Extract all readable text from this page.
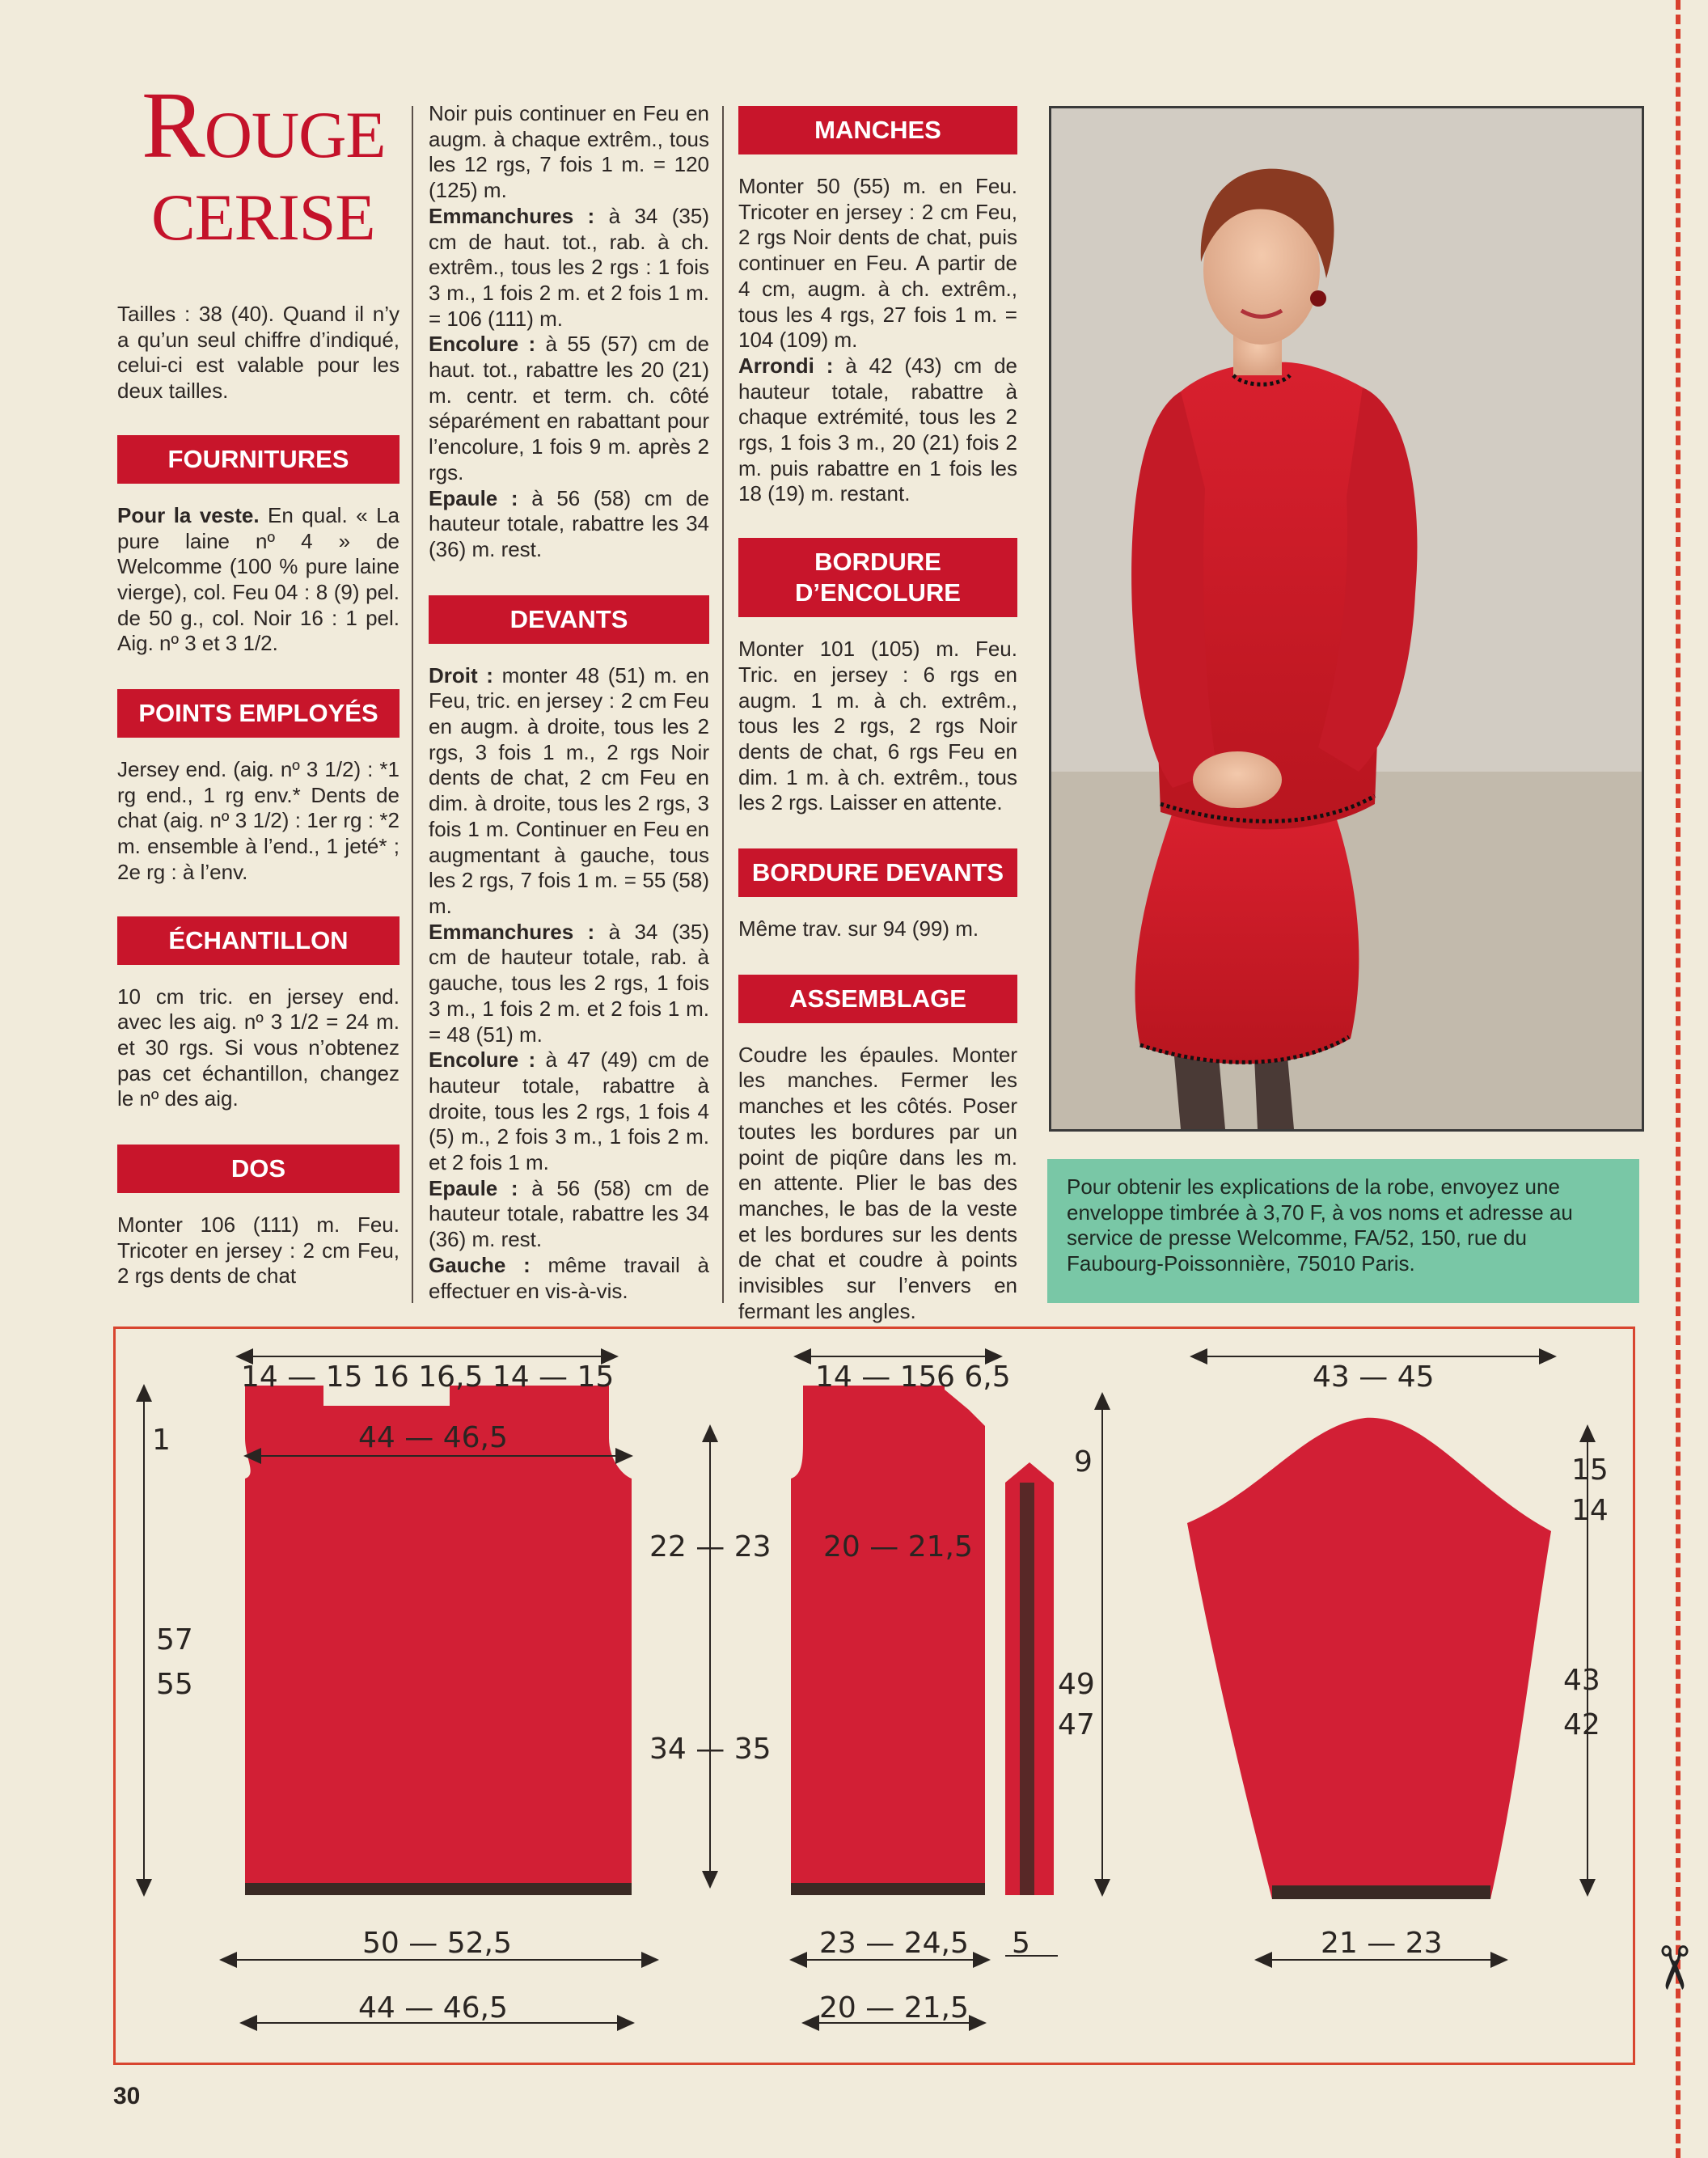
✂
ROUGE
CERISE

Tailles : 38 (40). Quand il n’y a qu’un seul chiffre d’indiqué, celui-ci est valable pour les deux tailles.

FOURNITURES

Pour la veste. En qual. « La pure laine nº 4 » de Welcomme (100 % pure laine vierge), col. Feu 04 : 8 (9) pel. de 50 g., col. Noir 16 : 1 pel. Aig. nº 3 et 3 1/2.

POINTS EMPLOYÉS

Jersey end. (aig. nº 3 1/2) : *1 rg end., 1 rg env.* Dents de chat (aig. nº 3 1/2) : 1er rg : *2 m. ensemble à l’end., 1 jeté* ; 2e rg : à l’env.

ÉCHANTILLON

10 cm tric. en jersey end. avec les aig. nº 3 1/2 = 24 m. et 30 rgs. Si vous n’obtenez pas cet échantillon, changez le nº des aig.

DOS

Monter 106 (111) m. Feu. Tricoter en jersey : 2 cm Feu, 2 rgs dents de chat

Noir puis continuer en Feu en augm. à chaque extrêm., tous les 12 rgs, 7 fois 1 m. = 120 (125) m.

Emmanchures : à 34 (35) cm de haut. tot., rab. à ch. extrêm., tous les 2 rgs : 1 fois 3 m., 1 fois 2 m. et 2 fois 1 m. = 106 (111) m.

Encolure : à 55 (57) cm de haut. tot., rabattre les 20 (21) m. centr. et term. ch. côté séparément en rabattant pour l’encolure, 1 fois 9 m. après 2 rgs.

Epaule : à 56 (58) cm de hauteur totale, rabattre les 34 (36) m. rest.

DEVANTS

Droit : monter 48 (51) m. en Feu, tric. en jersey : 2 cm Feu en augm. à droite, tous les 2 rgs, 3 fois 1 m., 2 rgs Noir dents de chat, 2 cm Feu en dim. à droite, tous les 2 rgs, 3 fois 1 m. Continuer en Feu en augmentant à gauche, tous les 2 rgs, 7 fois 1 m. = 55 (58) m.

Emmanchures : à 34 (35) cm de hauteur totale, rab. à gauche, tous les 2 rgs, 1 fois 3 m., 1 fois 2 m. et 2 fois 1 m. = 48 (51) m.

Encolure : à 47 (49) cm de hauteur totale, rabattre à droite, tous les 2 rgs, 1 fois 4 (5) m., 2 fois 3 m., 1 fois 2 m. et 2 fois 1 m.

Epaule : à 56 (58) cm de hauteur totale, rabattre les 34 (36) m. rest.

Gauche : même travail à effectuer en vis-à-vis.

MANCHES

Monter 50 (55) m. en Feu. Tricoter en jersey : 2 cm Feu, 2 rgs Noir dents de chat, puis continuer en Feu. A partir de 4 cm, augm. à ch. extrêm., tous les 4 rgs, 27 fois 1 m. = 104 (109) m.

Arrondi : à 42 (43) cm de hauteur totale, rabattre à chaque extrémité, tous les 2 rgs, 1 fois 3 m., 20 (21) fois 2 m. puis rabattre en 1 fois les 18 (19) m. restant.

BORDURE
D’ENCOLURE

Monter 101 (105) m. Feu. Tric. en jersey : 6 rgs en augm. 1 m. à ch. extrêm., tous les 2 rgs, 2 rgs Noir dents de chat, 6 rgs Feu en dim. 1 m. à ch. extrêm., tous les 2 rgs. Laisser en attente.

BORDURE DEVANTS

Même trav. sur 94 (99) m.

ASSEMBLAGE

Coudre les épaules. Monter les manches. Fermer les manches et les côtés. Poser toutes les bordures par un point de piqûre dans les m. en attente. Plier le bas des manches, le bas de la veste et les bordures sur les dents de chat et coudre à points invisibles sur l’envers en fermant les angles.

Pour obtenir les explications de la robe, envoyez une enveloppe timbrée à 3,70 F, à vos noms et adresse au service de presse Welcomme, FA/52, 150, rue du Faubourg-Poissonnière, 75010 Paris.
14 — 15 16 16,5 14 — 15
44 — 46,5
50 — 52,5
44 — 46,5
1
57
55
22 — 23
34 — 35
14 — 15 6 6,5
20 — 21,5
23 — 24,5
20 — 21,5
9
49
47
5
43 — 45
15
14
43
42
21 — 23
30
